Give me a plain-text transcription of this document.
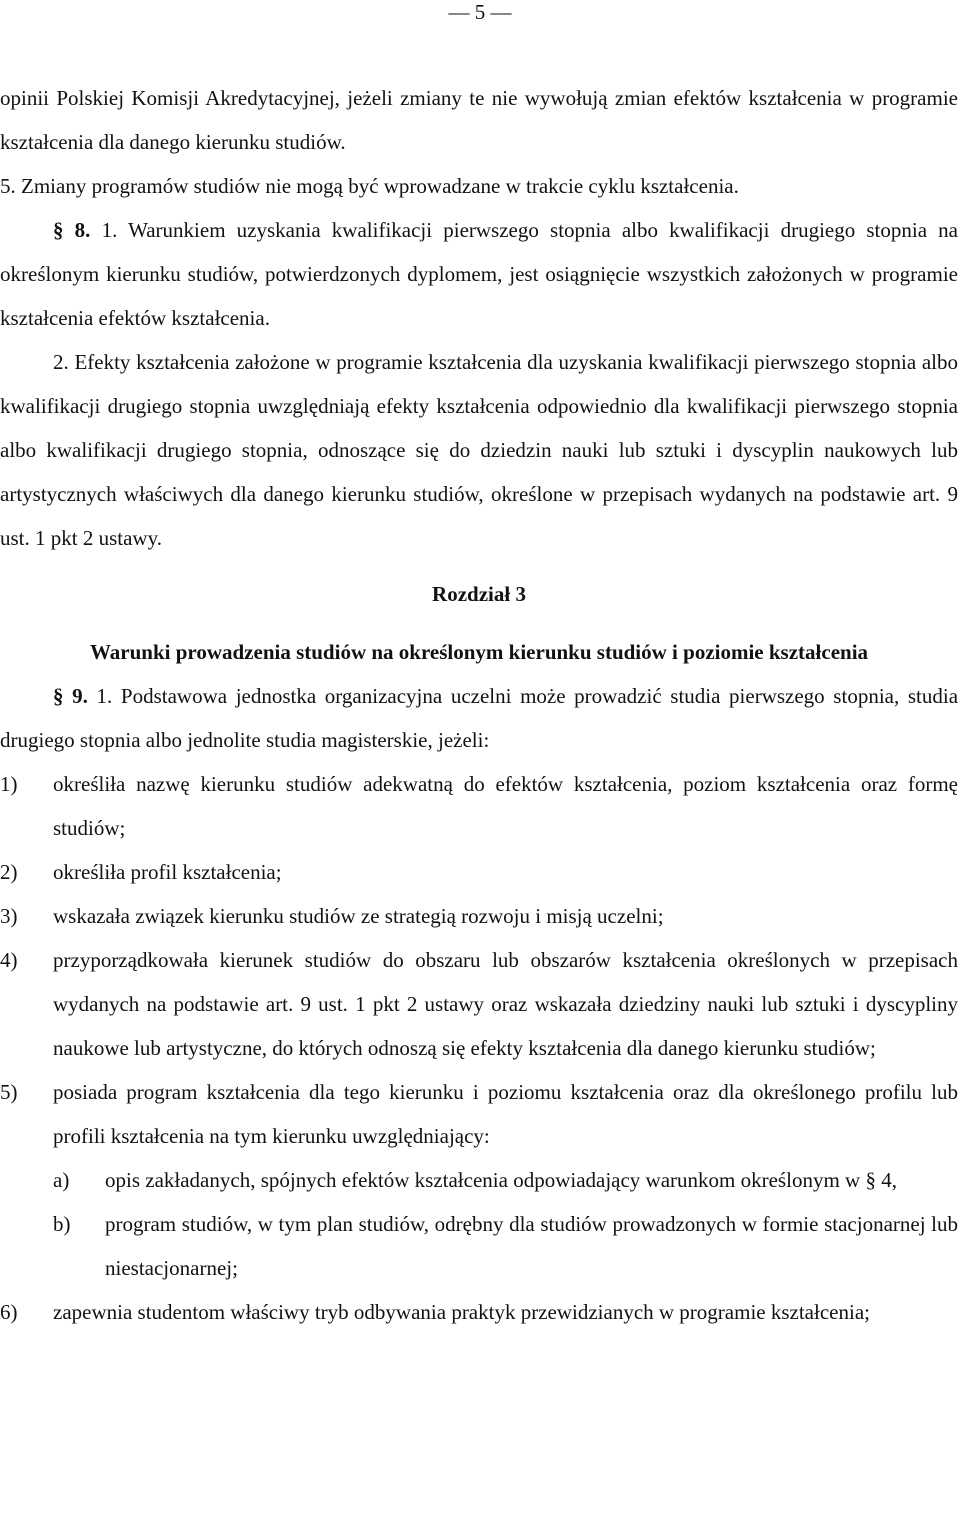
— 5 —

opinii Polskiej Komisji Akredytacyjnej, jeżeli zmiany te nie wywołują zmian efektów kształcenia w programie kształcenia dla danego kierunku studiów.

5. Zmiany programów studiów nie mogą być wprowadzane w trakcie cyklu kształcenia.

§ 8. 1. Warunkiem uzyskania kwalifikacji pierwszego stopnia albo kwalifikacji drugiego stopnia na określonym kierunku studiów, potwierdzonych dyplomem, jest osiągnięcie wszystkich założonych w programie kształcenia efektów kształcenia.

2. Efekty kształcenia założone w programie kształcenia dla uzyskania kwalifikacji pierwszego stopnia albo kwalifikacji drugiego stopnia uwzględniają efekty kształcenia odpowiednio dla kwalifikacji pierwszego stopnia albo kwalifikacji drugiego stopnia, odnoszące się do dziedzin nauki lub sztuki i dyscyplin naukowych lub artystycznych właściwych dla danego kierunku studiów, określone w przepisach wydanych na podstawie art. 9 ust. 1 pkt 2 ustawy.

Rozdział 3
Warunki prowadzenia studiów na określonym kierunku studiów i poziomie kształcenia

§ 9. 1. Podstawowa jednostka organizacyjna uczelni może prowadzić studia pierwszego stopnia, studia drugiego stopnia albo jednolite studia magisterskie, jeżeli:

1)	określiła nazwę kierunku studiów adekwatną do efektów kształcenia, poziom kształcenia oraz formę studiów;
2)	określiła profil kształcenia;
3)	wskazała związek kierunku studiów ze strategią rozwoju i misją uczelni;
4)	przyporządkowała kierunek studiów do obszaru lub obszarów kształcenia określonych w przepisach wydanych na podstawie art. 9 ust. 1 pkt 2 ustawy oraz wskazała dziedziny nauki lub sztuki i dyscypliny naukowe lub artystyczne, do których odnoszą się efekty kształcenia dla danego kierunku studiów;
5)	posiada program kształcenia dla tego kierunku i poziomu kształcenia oraz dla określonego profilu lub profili kształcenia na tym kierunku uwzględniający:
a)	opis zakładanych, spójnych efektów kształcenia odpowiadający warunkom określonym w § 4,
b)	program studiów, w tym plan studiów, odrębny dla studiów prowadzonych w formie stacjonarnej lub niestacjonarnej;
6)	zapewnia studentom właściwy tryb odbywania praktyk przewidzianych w programie kształcenia;
